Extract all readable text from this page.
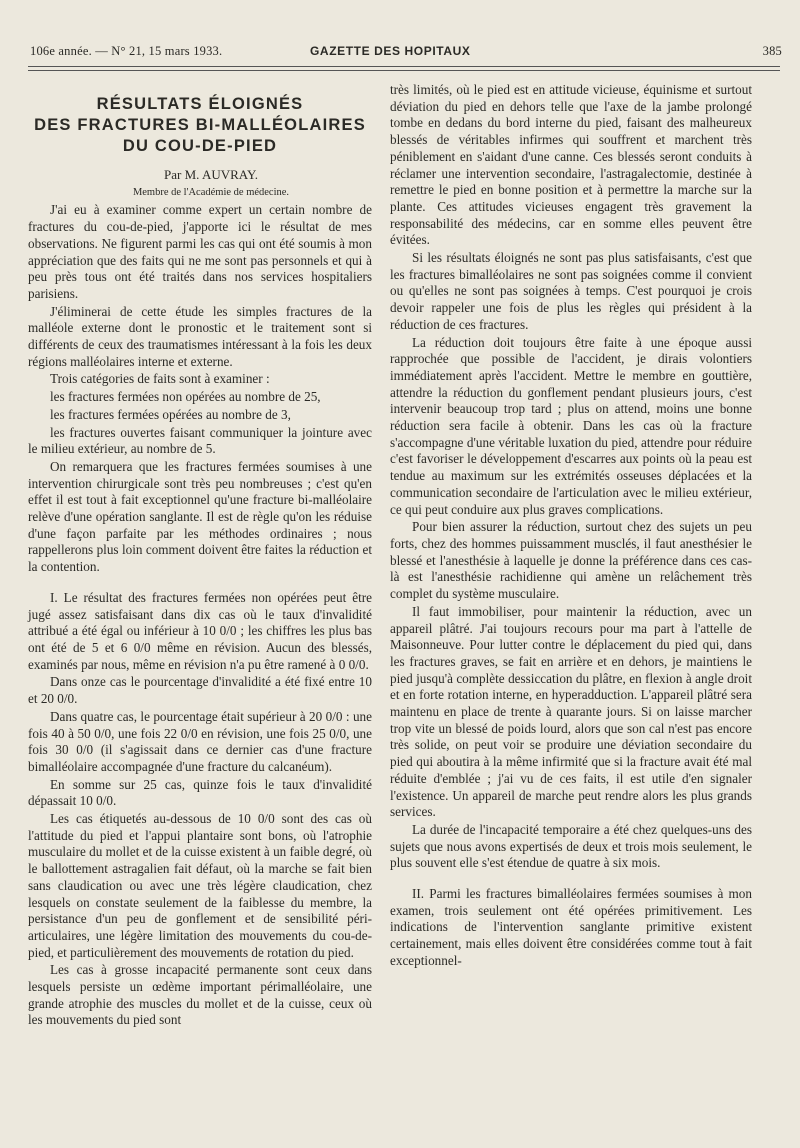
106e année. — N° 21, 15 mars 1933.	GAZETTE DES HOPITAUX	385
RÉSULTATS ÉLOIGNÉS
DES FRACTURES BI-MALLÉOLAIRES
DU COU-DE-PIED

Par M. AUVRAY.

Membre de l'Académie de médecine.

J'ai eu à examiner comme expert un certain nombre de fractures du cou-de-pied, j'apporte ici le résultat de mes observations. Ne figurent parmi les cas qui ont été soumis à mon appréciation que des faits qui ne me sont pas personnels et qui à peu près tous ont été traités dans nos services hospitaliers parisiens.

J'éliminerai de cette étude les simples fractures de la malléole externe dont le pronostic et le traitement sont si différents de ceux des traumatismes intéressant à la fois les deux régions malléolaires interne et externe.

Trois catégories de faits sont à examiner :

les fractures fermées non opérées au nombre de 25,

les fractures fermées opérées au nombre de 3,

les fractures ouvertes faisant communiquer la jointure avec le milieu extérieur, au nombre de 5.

On remarquera que les fractures fermées soumises à une intervention chirurgicale sont très peu nombreuses ; c'est qu'en effet il est tout à fait exceptionnel qu'une fracture bi-malléolaire relève d'une opération sanglante. Il est de règle qu'on les réduise d'une façon parfaite par les méthodes ordinaires ; nous rappellerons plus loin comment doivent être faites la réduction et la contention.

I. Le résultat des fractures fermées non opérées peut être jugé assez satisfaisant dans dix cas où le taux d'invalidité attribué a été égal ou inférieur à 10 0/0 ; les chiffres les plus bas ont été de 5 et 6 0/0 même en révision. Aucun des blessés, examinés par nous, même en révision n'a pu être ramené à 0 0/0.

Dans onze cas le pourcentage d'invalidité a été fixé entre 10 et 20 0/0.

Dans quatre cas, le pourcentage était supérieur à 20 0/0 : une fois 40 à 50 0/0, une fois 22 0/0 en révision, une fois 25 0/0, une fois 30 0/0 (il s'agissait dans ce dernier cas d'une fracture bimalléolaire accompagnée d'une fracture du calcanéum).

En somme sur 25 cas, quinze fois le taux d'invalidité dépassait 10 0/0.

Les cas étiquetés au-dessous de 10 0/0 sont des cas où l'attitude du pied et l'appui plantaire sont bons, où l'atrophie musculaire du mollet et de la cuisse existent à un faible degré, où le ballottement astragalien fait défaut, où la marche se fait bien sans claudication ou avec une très légère claudication, chez lesquels on constate seulement de la faiblesse du membre, la persistance d'un peu de gonflement et de sensibilité péri-articulaires, une légère limitation des mouvements du cou-de-pied, et particulièrement des mouvements de rotation du pied.

Les cas à grosse incapacité permanente sont ceux dans lesquels persiste un œdème important périmalléolaire, une grande atrophie des muscles du mollet et de la cuisse, ceux où les mouvements du pied sont

très limités, où le pied est en attitude vicieuse, équinisme et surtout déviation du pied en dehors telle que l'axe de la jambe prolongé tombe en dedans du bord interne du pied, faisant des malheureux blessés de véritables infirmes qui souffrent et marchent très péniblement en s'aidant d'une canne. Ces blessés seront conduits à réclamer une intervention secondaire, l'astragalectomie, destinée à remettre le pied en bonne position et à permettre la marche sur la plante. Ces attitudes vicieuses engagent très gravement la responsabilité des médecins, car en somme elles peuvent être évitées.

Si les résultats éloignés ne sont pas plus satisfaisants, c'est que les fractures bimalléolaires ne sont pas soignées comme il convient ou qu'elles ne sont pas soignées à temps. C'est pourquoi je crois devoir rappeler une fois de plus les règles qui président à la réduction de ces fractures.

La réduction doit toujours être faite à une époque aussi rapprochée que possible de l'accident, je dirais volontiers immédiatement après l'accident. Mettre le membre en gouttière, attendre la réduction du gonflement pendant plusieurs jours, c'est intervenir beaucoup trop tard ; plus on attend, moins une bonne réduction sera facile à obtenir. Dans les cas où la fracture s'accompagne d'une véritable luxation du pied, attendre pour réduire c'est favoriser le développement d'escarres aux points où la peau est tendue au maximum sur les extrémités osseuses déplacées et la communication secondaire de l'articulation avec le milieu extérieur, ce qui peut conduire aux plus graves complications.

Pour bien assurer la réduction, surtout chez des sujets un peu forts, chez des hommes puissamment musclés, il faut anesthésier le blessé et l'anesthésie à laquelle je donne la préférence dans ces cas-là est l'anesthésie rachidienne qui amène un relâchement très complet du système musculaire.

Il faut immobiliser, pour maintenir la réduction, avec un appareil plâtré. J'ai toujours recours pour ma part à l'attelle de Maisonneuve. Pour lutter contre le déplacement du pied qui, dans les fractures graves, se fait en arrière et en dehors, je maintiens le pied jusqu'à complète dessiccation du plâtre, en flexion à angle droit et en forte rotation interne, en hyperadduction. L'appareil plâtré sera maintenu en place de trente à quarante jours. Si on laisse marcher trop vite un blessé de poids lourd, alors que son cal n'est pas encore très solide, on peut voir se produire une déviation secondaire du pied qui aboutira à la même infirmité que si la fracture avait été mal réduite d'emblée ; j'ai vu de ces faits, il est utile d'en signaler l'existence. Un appareil de marche peut rendre alors les plus grands services.

La durée de l'incapacité temporaire a été chez quelques-uns des sujets que nous avons expertisés de deux et trois mois seulement, le plus souvent elle s'est étendue de quatre à six mois.

II. Parmi les fractures bimalléolaires fermées soumises à mon examen, trois seulement ont été opérées primitivement. Les indications de l'intervention sanglante primitive existent certainement, mais elles doivent être considérées comme tout à fait exceptionnel-
